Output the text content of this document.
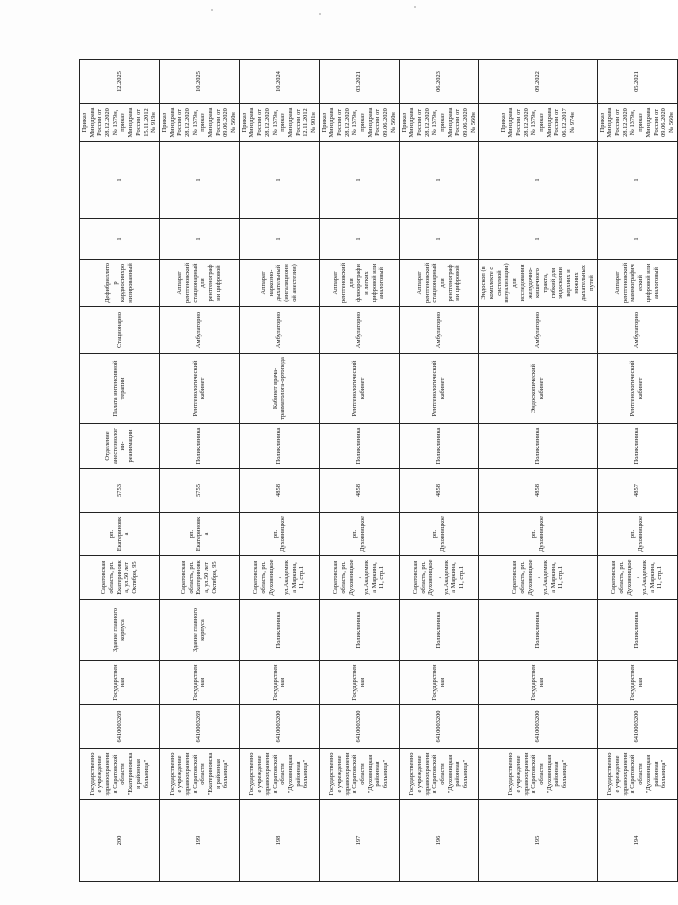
200	Государственное учреждение здравоохранения Саратовской области "Екатериновская районная больница"	6410003269	Государственная	Здание главного корпуса	Саратовская область, рп. Екатериновка, ул.50 лет Октября, 95	рп. Екатериновка	5753	Отделение анестезиологии-реанимации	Палата интенсивной терапии	Стационарно	Дефибриллятор кардиосинхронизированный	1	1	Приказ Минздрава России от 28.12.2020 № 1379н, приказ Минздрава России от 15.11.2012 № 919н	12.2025
199	Государственное учреждение здравоохранения Саратовской области "Екатериновская районная больница"	6410003269	Государственная	Здание главного корпуса	Саратовская область, рп. Екатериновка, ул.50 лет Октября, 95	рп. Екатериновка	5755	Поликлиника	Рентгенологический кабинет	Амбулаторно	Аппарат рентгеновский стационарный для рентгенографии цифровой	1	1	Приказ Минздрава России от 28.12.2020 № 1379н, приказ Минздрава России от 09.06.2020 № 560н	10.2025
198	Государственное учреждение здравоохранения Саратовской области "Духовницкая районная больница"	6410003200	Государственная	Поликлиника	Саратовская область, рп. Духовницкое, ул.Академика Маркина, 11, стр.1	рп. Духовницкое	4858	Поликлиника	Кабинет врача-травматолога-ортопеда	Амбулаторно	Аппарат наркозно-дыхательный (ингаляционной анестезии)	1	1	Приказ Минздрава России от 28.12.2020 № 1379н, приказ Минздрава России от 12.11.2012 № 901н	10.2024
197	Государственное учреждение здравоохранения Саратовской области "Духовницкая районная больница"	6410003200	Государственная	Поликлиника	Саратовская область, рп. Духовницкое, ул.Академика Маркина, 11, стр.1	рп. Духовницкое	4858	Поликлиника	Рентгенологический кабинет	Амбулаторно	Аппарат рентгеновский для флюорографии легких цифровой или аналоговый	1	1	Приказ Минздрава России от 28.12.2020 № 1379н, приказ Минздрава России от 09.06.2020 № 560н	03.2021
196	Государственное учреждение здравоохранения Саратовской области "Духовницкая районная больница"	6410003200	Государственная	Поликлиника	Саратовская область, рп. Духовницкое, ул.Академика Маркина, 11, стр.1	рп. Духовницкое	4858	Поликлиника	Рентгенологический кабинет	Амбулаторно	Аппарат рентгеновский стационарный для рентгенографии цифровой	1	1	Приказ Минздрава России от 28.12.2020 № 1379н, приказ Минздрава России от 09.06.2020 № 560н	06.2023
195	Государственное учреждение здравоохранения Саратовской области "Духовницкая районная больница"	6410003200	Государственная	Поликлиника	Саратовская область, рп. Духовницкое, ул.Академика Маркина, 11, стр.1	рп. Духовницкое	4858	Поликлиника	Эндоскопический кабинет	Амбулаторно	Эндоскоп (в комплекте с системой визуализации) для исследования желудочно-кишечного тракта, гибкий для эндоскопии верхних и нижних дыхательных путей	1	1	Приказ Минздрава России от 28.12.2020 № 1379н, приказ Минздрава России от 06.12.2017 № 974н	09.2022
194	Государственное учреждение здравоохранения Саратовской области "Духовницкая районная больница"	6410003200	Государственная	Поликлиника	Саратовская область, рп. Духовницкое, ул.Академика Маркина, 11, стр.1	рп. Духовницкое	4857	Поликлиника	Рентгенологический кабинет	Амбулаторно	Аппарат рентгеновский маммографический цифровой или аналоговый	1	1	Приказ Минздрава России от 28.12.2020 № 1379н, приказ Минздрава России от 09.06.2020 № 560н	05.2021
